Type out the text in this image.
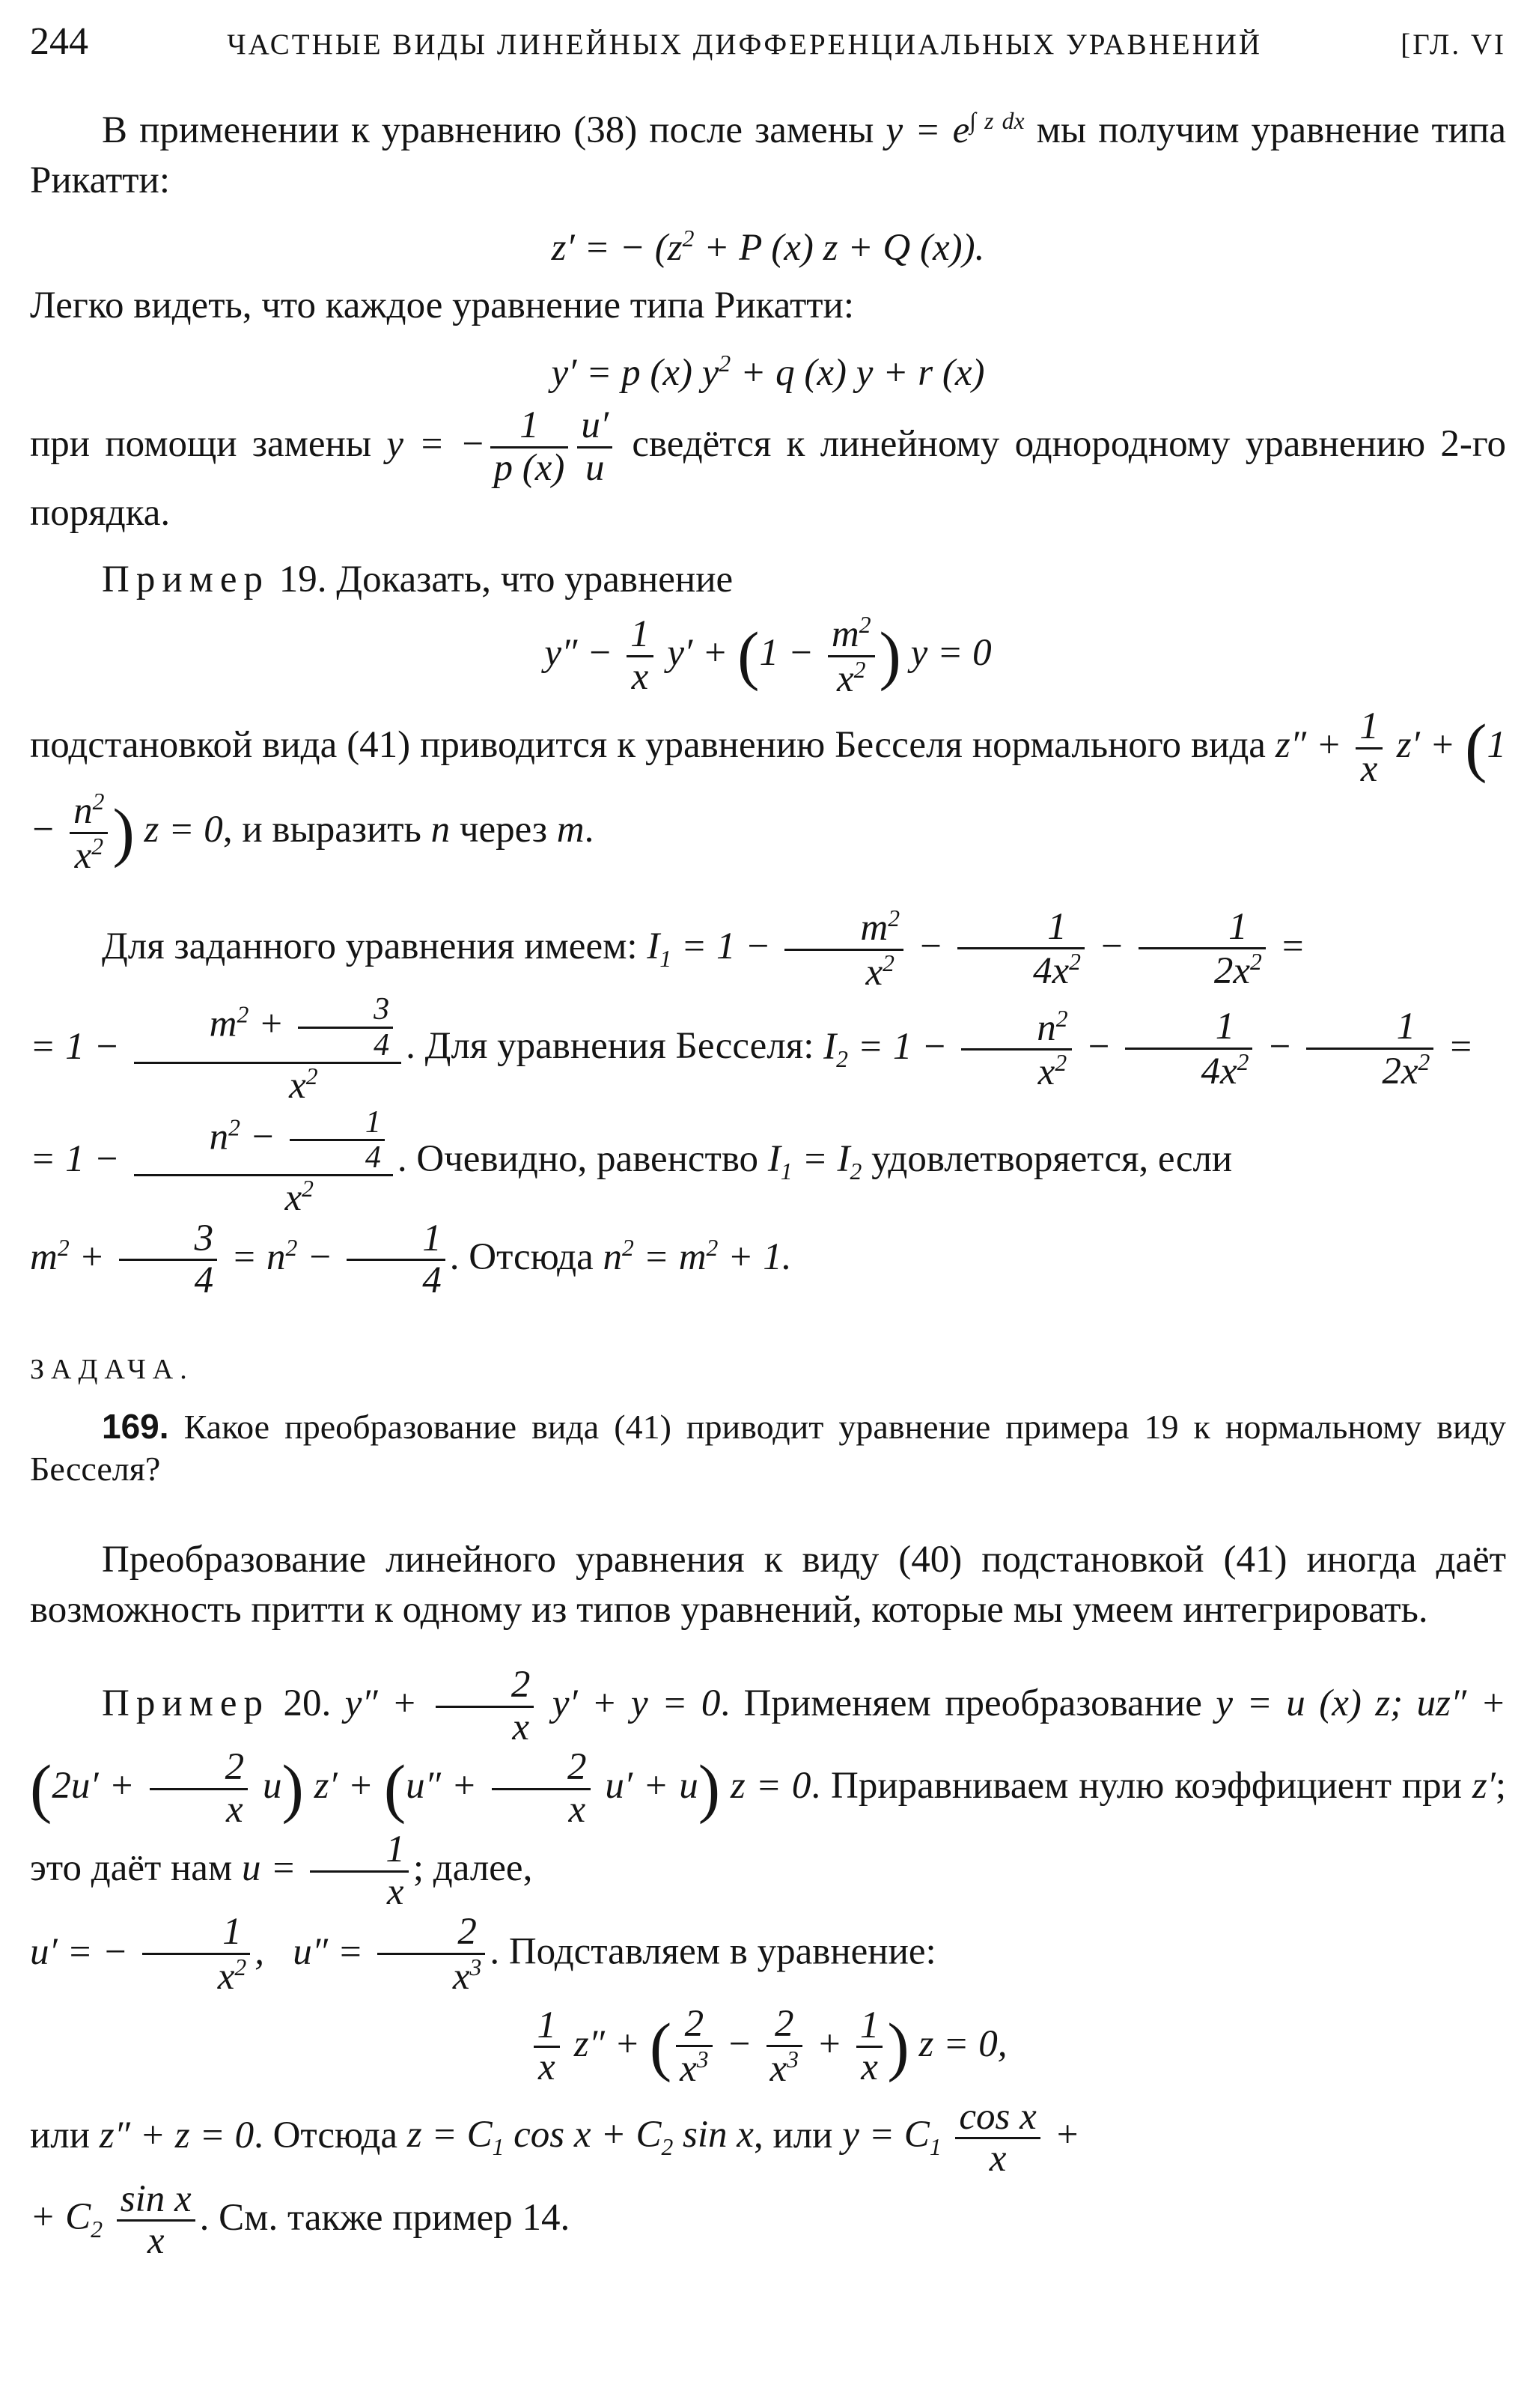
244	ЧАСТНЫЕ ВИДЫ ЛИНЕЙНЫХ ДИФФЕРЕНЦИАЛЬНЫХ УРАВНЕНИЙ	[ГЛ. VI

В применении к уравнению (38) после замены $y = e^{\int z dx}$ мы получим уравнение типа Рикатти:

z′ = − ($z^2 + P$ (x) z + Q (x)).

Легко видеть, что каждое уравнение типа Рикатти:

y′ = p (x) $y^2 + q$ (x) y + r (x)

при помощи замены y = − $\frac{1}{p (x)} \frac{u'}{u}$ сведётся к линейному однородному уравнению 2-го порядка.

Пример 19. Доказать, что уравнение

$y'' - \frac{1}{x} y' + (1 - \frac{m^2}{x^2}$ ) y = 0

подстановкой вида (41) приводится к уравнению Бесселя нормального вида $z'' + \frac{1}{x} z' + (1 - \frac{n^2}{x^2}$ ) z = 0, и выразить n через m.

Для заданного уравнения имеем: $I_1 = 1 - \frac{m^2}{x^2} - \frac{1}{4x^2} - \frac{1}{2x^2}$ =
= $1 - \frac{m^2 + \frac{3}{4}}{x^2}$ . Для уравнения Бесселя: $I_2 = 1 - \frac{n^2}{x^2} - \frac{1}{4x^2} - \frac{1}{2x^2}$ =
= $1 - \frac{n^2 - \frac{1}{4}}{x^2}$ . Очевидно, равенство $I_1 = I_2$ удовлетворяется, если
$m^2 + \frac{3}{4} = n^2 - \frac{1}{4}$ . Отсюда $n^2 = m^2 + 1$.

ЗАДАЧА.

169. Какое преобразование вида (41) приводит уравнение примера 19 к нормальному виду Бесселя?

Преобразование линейного уравнения к виду (40) подстановкой (41) иногда даёт возможность притти к одному из типов уравнений, которые мы умеем интегрировать.

Пример 20. $y'' + \frac{2}{x} y' + y = 0$. Применяем преобразование y = u (x) z; $uz'' + (2u' + \frac{2}{x} u)$ $z' + (u'' + \frac{2}{x} u' + u)$ z = 0. Приравниваем нулю коэффициент при z′; это даёт нам $u = \frac{1}{x}$ ; далее,
u′ = − $\frac{1}{x^2}$ ,   $u'' = \frac{2}{x^3}$ . Подставляем в уравнение:

$\frac{1}{x} z''$ + ( $\frac{2}{x^3} - \frac{2}{x^3} + \frac{1}{x}$ ) z = 0,

или z″ + z = 0. Отсюда $z = C_1$ $\cos x + C_2$ sin x, или $y = C_1 \frac{\text{cos x}}{x}$ +
+ $C_2 \frac{\text{sin x}}{x}$ . См. также пример 14.
